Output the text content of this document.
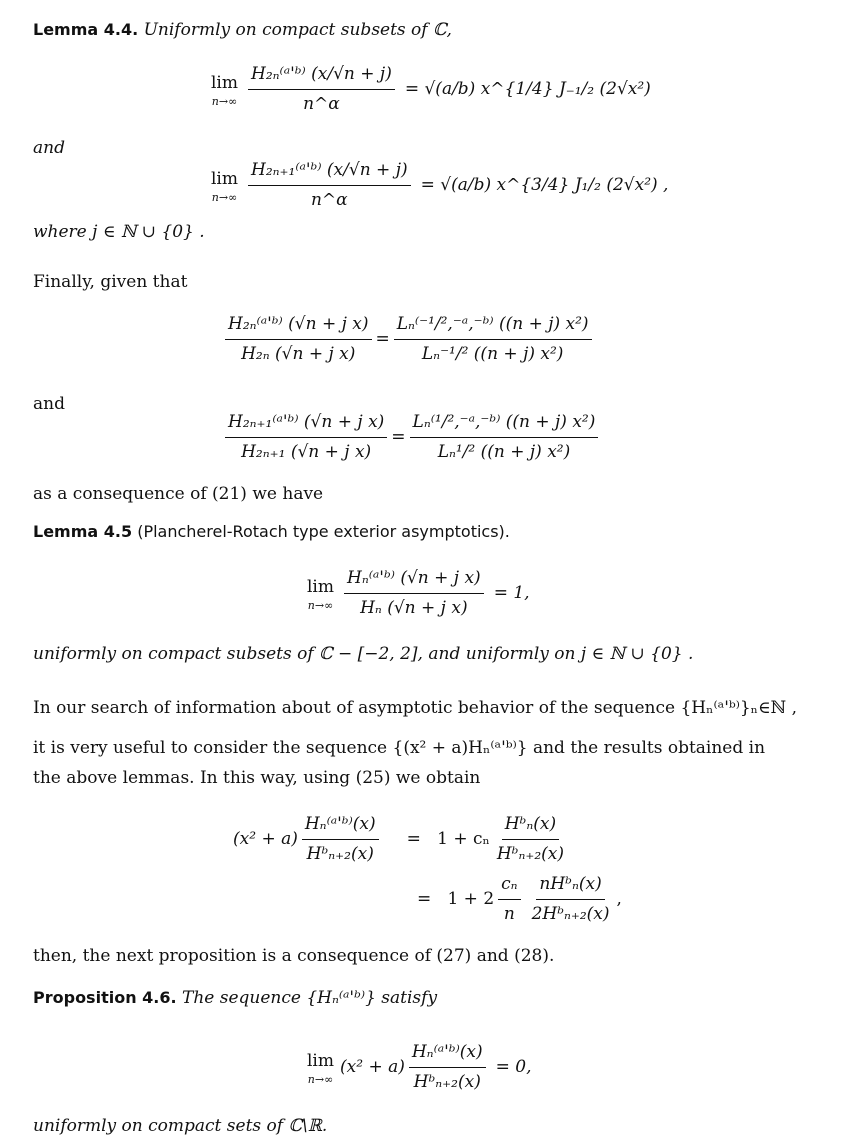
Lemma 4.4. Uniformly on compact subsets of ℂ,
lim
$n\to\infty \frac{\text{H₂ₙ⁽ᵃ'ᵇ⁾ (x/√n + j)}}{n\^{}\alpha} = √(a/b)$ x^{1/4} J₋₁/₂ (2√x²)
and
lim
$n\to\infty \frac{\text{H₂ₙ₊₁⁽ᵃ'ᵇ⁾ (x/√n + j)}}{n\^{}\alpha} = √(a/b)$ x^{3/4} J₁/₂ (2√x²) ,
where j ∈ ℕ ∪ {0} .
Finally, given that
$\frac{\text{H₂ₙ⁽ᵃ'ᵇ⁾ (√n + j x)}}{\text{H₂ₙ (√n + j x)}} = \frac{\text{Lₙ⁽⁻¹/²,⁻ᵃ,⁻ᵇ⁾ ((n + j) x²)}}{\text{Lₙ⁻¹/² ((n + j) x²)}}$
and
$\frac{\text{H₂ₙ₊₁⁽ᵃ'ᵇ⁾ (√n + j x)}}{\text{H₂ₙ₊₁ (√n + j x)}} = \frac{\text{Lₙ⁽¹/²,⁻ᵃ,⁻ᵇ⁾ ((n + j) x²)}}{\text{Lₙ¹/² ((n + j) x²)}}$
as a consequence of (21) we have
Lemma 4.5 (Plancherel-Rotach type exterior asymptotics).
lim
$n\to\infty \frac{\text{Hₙ⁽ᵃ'ᵇ⁾ (√n + j x)}}{\text{Hₙ (√n + j x)}} = 1$,
uniformly on compact subsets of ℂ − [−2, 2], and uniformly on j ∈ ℕ ∪ {0} .
In our search of information about of asymptotic behavior of the sequence {Hₙ⁽ᵃ'ᵇ⁾}ₙ∈ℕ ,
it is very useful to consider the sequence {(x² + a)Hₙ⁽ᵃ'ᵇ⁾} and the results obtained in
the above lemmas. In this way, using (25) we obtain
$(x^2 + a) \frac{\text{Hₙ⁽ᵃ'ᵇ⁾(x)}}{\text{Hᵇₙ₊₂(x)}} = 1 + c_n \frac{\text{Hᵇₙ(x)}}{\text{Hᵇₙ₊₂(x)}}$
=   $1 + 2 \frac{\text{cₙ}}{n} \frac{\text{nHᵇₙ(x)}}{\text{2Hᵇₙ₊₂(x)}}$ ,
then, the next proposition is a consequence of (27) and (28).
Proposition 4.6. The sequence {Hₙ⁽ᵃ'ᵇ⁾} satisfy
lim
n→∞
$(x^2 + a) \frac{\text{Hₙ⁽ᵃ'ᵇ⁾(x)}}{\text{Hᵇₙ₊₂(x)}} = 0$,
uniformly on compact sets of ℂ\ℝ.
